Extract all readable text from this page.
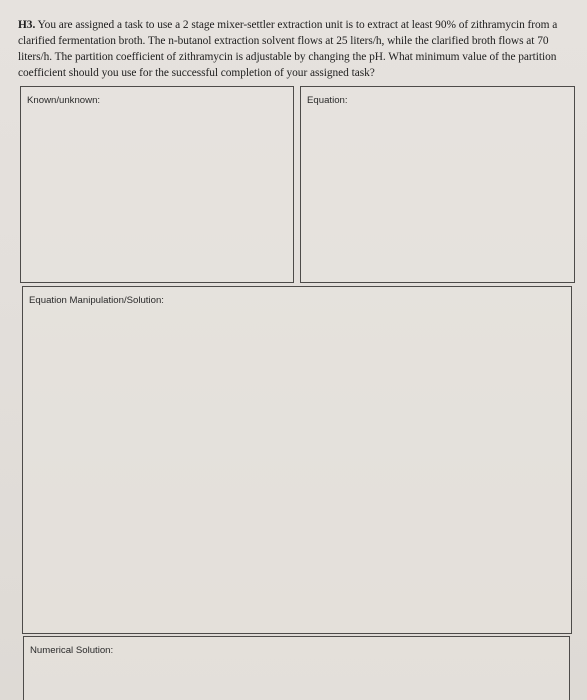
H3. You are assigned a task to use a 2 stage mixer-settler extraction unit is to extract at least 90% of zithramycin from a clarified fermentation broth. The n-butanol extraction solvent flows at 25 liters/h, while the clarified broth flows at 70 liters/h. The partition coefficient of zithramycin is adjustable by changing the pH. What minimum value of the partition coefficient should you use for the successful completion of your assigned task?
Known/unknown:	Equation:
Equation Manipulation/Solution:
Numerical Solution:
